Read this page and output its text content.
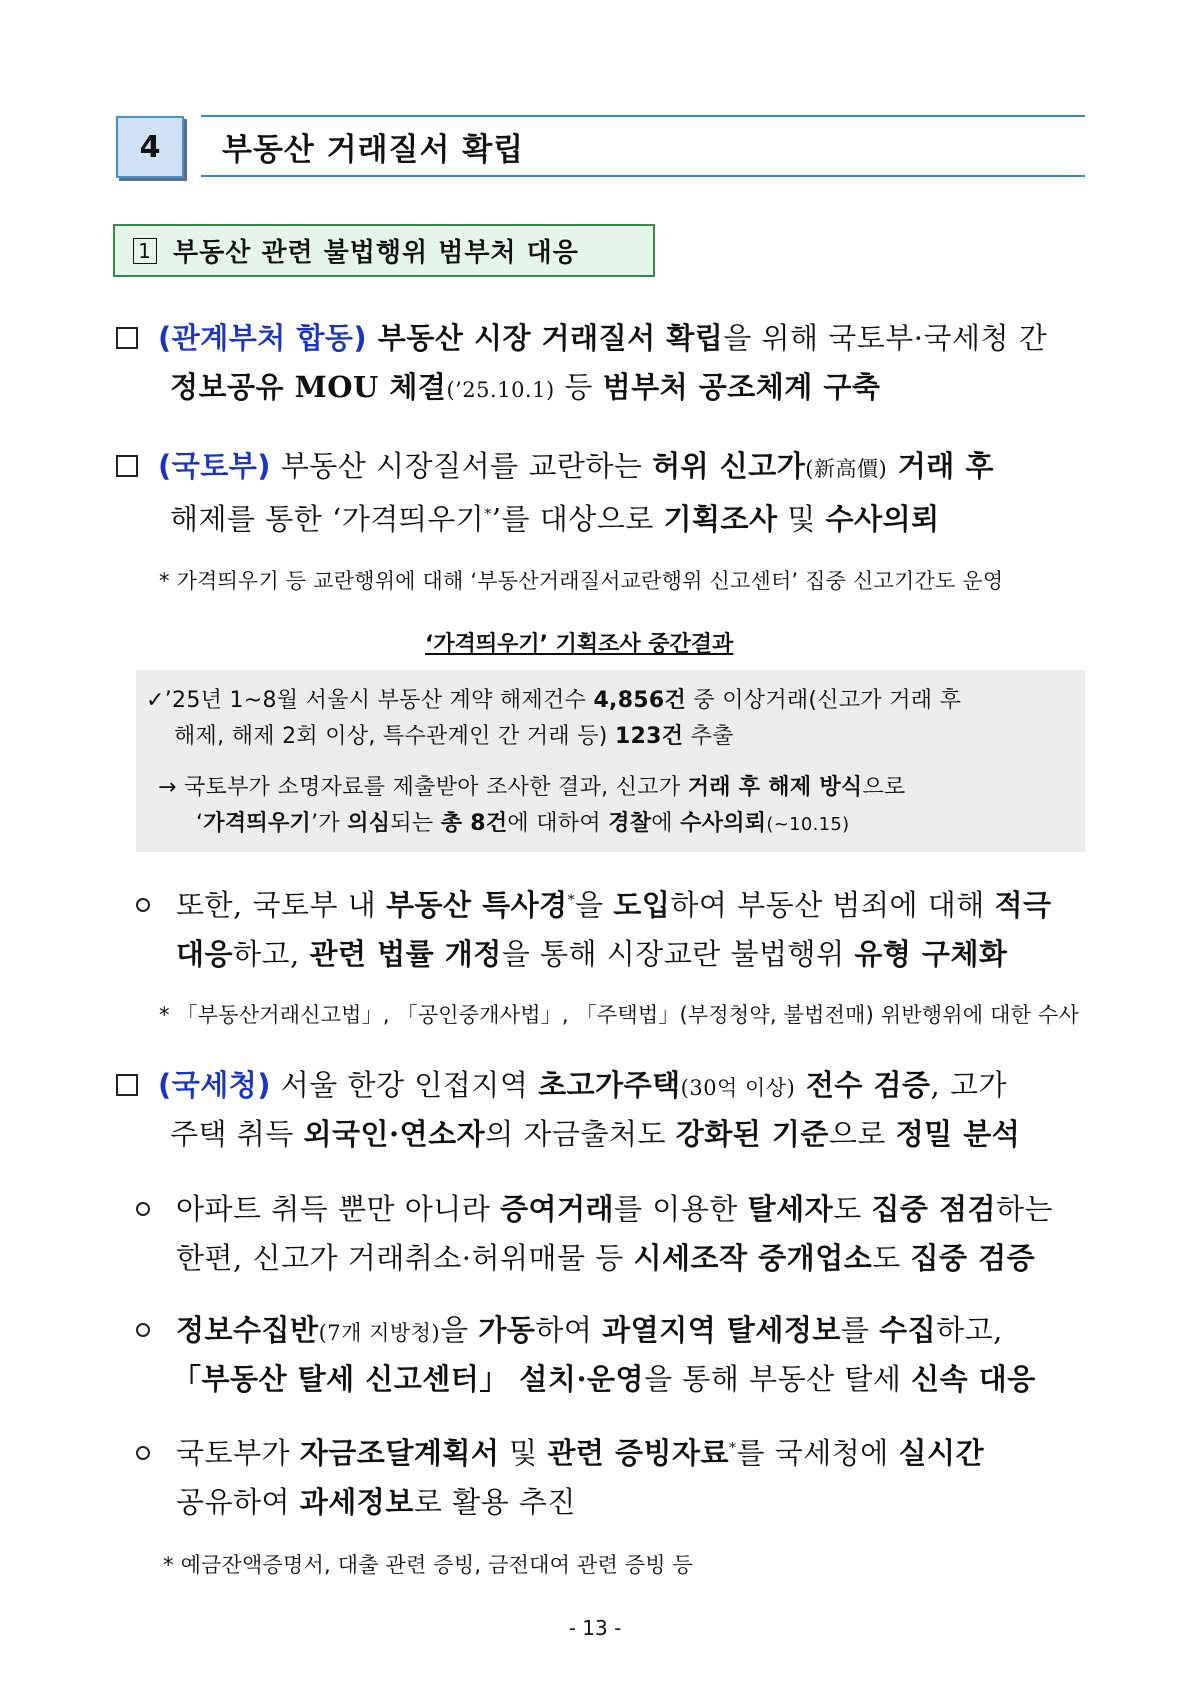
4	부동산 거래질서 확립
1 부동산 관련 불법행위 범부처 대응
(관계부처 합동) 부동산 시장 거래질서 확립을 위해 국토부·국세청 간
정보공유 MOU 체결(’25.10.1) 등 범부처 공조체계 구축
(국토부) 부동산 시장질서를 교란하는 허위 신고가(新高價) 거래 후
해제를 통한 ‘가격띄우기*’를 대상으로 기획조사 및 수사의뢰
* 가격띄우기 등 교란행위에 대해 ‘부동산거래질서교란행위 신고센터’ 집중 신고기간도 운영
‘가격띄우기’ 기획조사 중간결과
✓’25년 1~8월 서울시 부동산 계약 해제건수 4,856건 중 이상거래(신고가 거래 후
해제, 해제 2회 이상, 특수관계인 간 거래 등) 123건 추출
→ 국토부가 소명자료를 제출받아 조사한 결과, 신고가 거래 후 해제 방식으로
‘가격띄우기’가 의심되는 총 8건에 대하여 경찰에 수사의뢰(~10.15)
또한, 국토부 내 부동산 특사경*을 도입하여 부동산 범죄에 대해 적극
대응하고, 관련 법률 개정을 통해 시장교란 불법행위 유형 구체화
* 「부동산거래신고법」, 「공인중개사법」, 「주택법」(부정청약, 불법전매) 위반행위에 대한 수사
(국세청) 서울 한강 인접지역 초고가주택(30억 이상) 전수 검증, 고가
주택 취득 외국인·연소자의 자금출처도 강화된 기준으로 정밀 분석
아파트 취득 뿐만 아니라 증여거래를 이용한 탈세자도 집중 점검하는
한편, 신고가 거래취소·허위매물 등 시세조작 중개업소도 집중 검증
정보수집반(7개 지방청)을 가동하여 과열지역 탈세정보를 수집하고,
「부동산 탈세 신고센터」 설치·운영을 통해 부동산 탈세 신속 대응
국토부가 자금조달계획서 및 관련 증빙자료*를 국세청에 실시간
공유하여 과세정보로 활용 추진
* 예금잔액증명서, 대출 관련 증빙, 금전대여 관련 증빙 등
- 13 -
